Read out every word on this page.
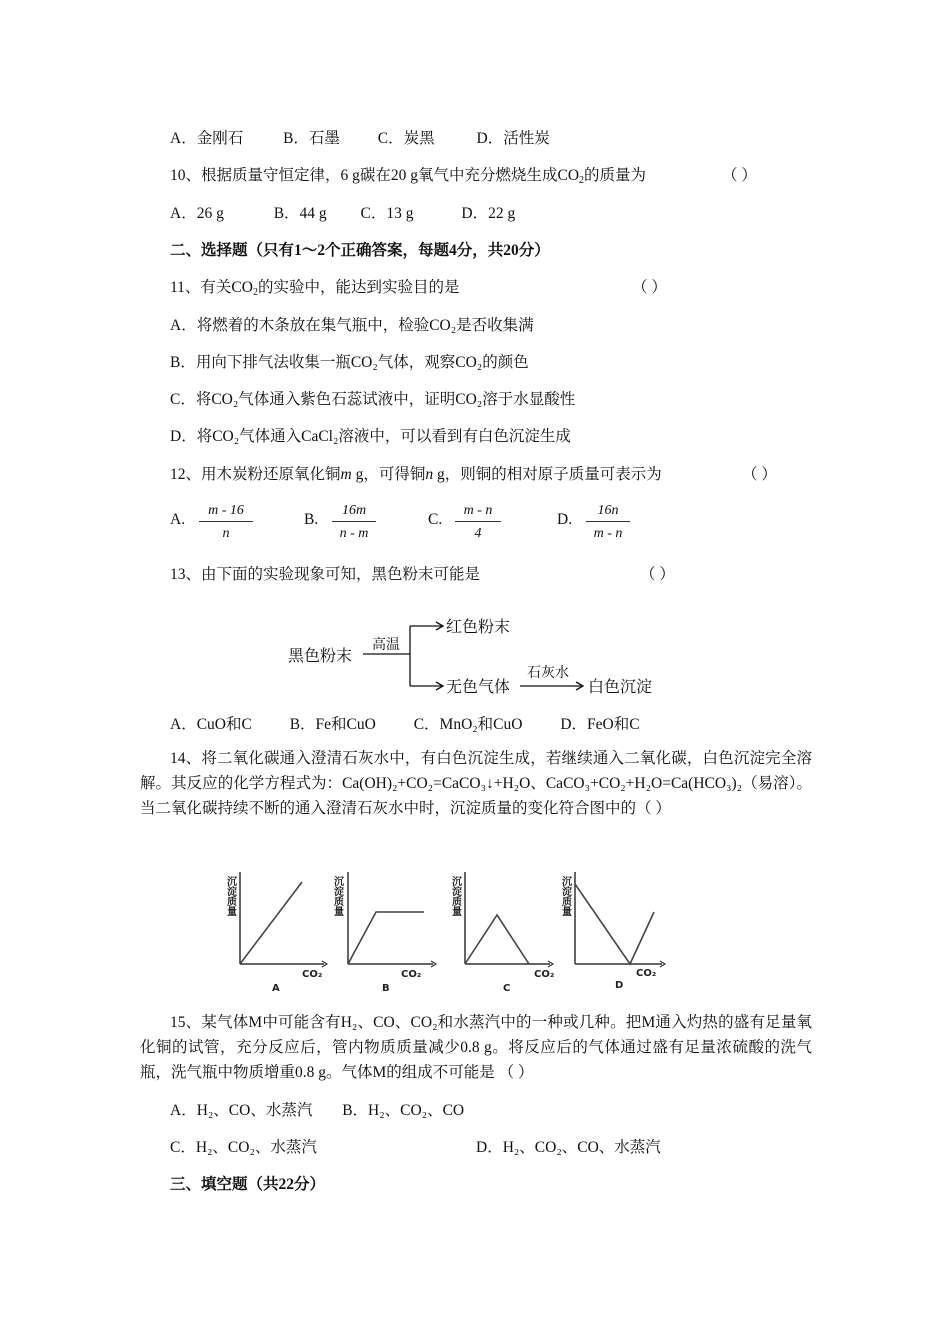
A．金刚石	B．石墨 C．炭黑	D．活性炭
10、根据质量守恒定律，6 g碳在20 g氧气中充分燃烧生成$CO_2$的质量为	（ ）
A．26 g	B．44 g C．13 g	D．22 g
二、选择题（只有1～2个正确答案，每题4分，共20分）
11、有关$CO_2$的实验中，能达到实验目的是	（ ）
A．将燃着的木条放在集气瓶中，检验CO₂是否收集满
B．用向下排气法收集一瓶CO₂气体，观察CO₂的颜色
C．将CO₂气体通入紫色石蕊试液中，证明CO₂溶于水显酸性
D．将CO₂气体通入CaCl₂溶液中，可以看到有白色沉淀生成
12、用木炭粉还原氧化铜m g，可得铜n g，则铜的相对原子质量可表示为	（ ）
A. $\frac{m - 16}{n}$	B. $\frac{16m}{n - m}$	C. $\frac{m - n}{4}$	D. $\frac{16n}{m - n}$
13、由下面的实验现象可知，黑色粉末可能是	（ ）
黑色粉末
高温
红色粉末
无色气体
石灰水
白色沉淀
A．CuO和C B．Fe和CuO C．MnO₂和CuO D．FeO和C
14、将二氧化碳通入澄清石灰水中，有白色沉淀生成，若继续通入二氧化碳，白色沉淀完全溶解。其反应的化学方程式为：Ca(OH)₂+CO₂=CaCO₃↓+H₂O、CaCO₃+CO₂+H₂O=Ca(HCO₃)₂（易溶）。当二氧化碳持续不断的通入澄清石灰水中时，沉淀质量的变化符合图中的（ ）
沉淀质量
CO₂
A
沉淀质量
CO₂
B
沉淀质量
CO₂
C
沉淀质量
CO₂
D
15、某气体M中可能含有H₂、CO、CO₂和水蒸汽中的一种或几种。把M通入灼热的盛有足量氧化铜的试管，充分反应后，管内物质质量减少0.8 g。将反应后的气体通过盛有足量浓硫酸的洗气瓶，洗气瓶中物质增重0.8 g。气体M的组成不可能是 （ ）
A．H₂、CO、水蒸汽 B．H₂、CO₂、CO
C．H₂、CO₂、水蒸汽	D．H₂、CO₂、CO、水蒸汽
三、填空题（共22分）
